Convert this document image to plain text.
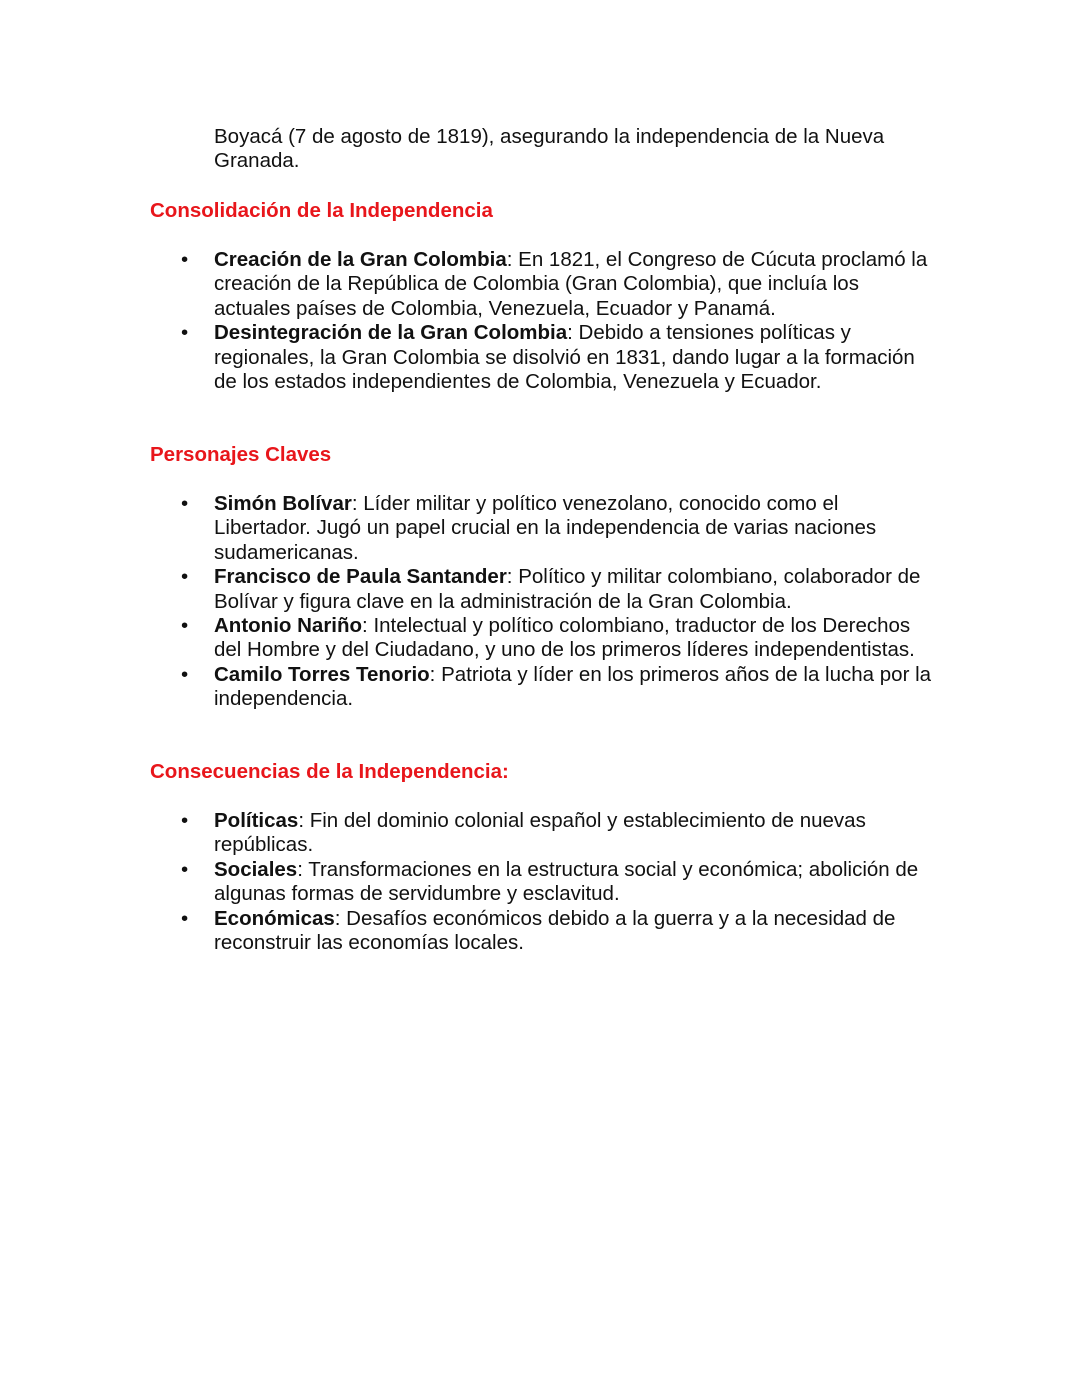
Boyacá (7 de agosto de 1819), asegurando la independencia de la Nueva Granada.

Consolidación de la Independencia
• Creación de la Gran Colombia: En 1821, el Congreso de Cúcuta proclamó la creación de la República de Colombia (Gran Colombia), que incluía los actuales países de Colombia, Venezuela, Ecuador y Panamá.
• Desintegración de la Gran Colombia: Debido a tensiones políticas y regionales, la Gran Colombia se disolvió en 1831, dando lugar a la formación de los estados independientes de Colombia, Venezuela y Ecuador.
Personajes Claves
• Simón Bolívar: Líder militar y político venezolano, conocido como el Libertador. Jugó un papel crucial en la independencia de varias naciones sudamericanas.
• Francisco de Paula Santander: Político y militar colombiano, colaborador de Bolívar y figura clave en la administración de la Gran Colombia.
• Antonio Nariño: Intelectual y político colombiano, traductor de los Derechos del Hombre y del Ciudadano, y uno de los primeros líderes independentistas.
• Camilo Torres Tenorio: Patriota y líder en los primeros años de la lucha por la independencia.
Consecuencias de la Independencia:
• Políticas: Fin del dominio colonial español y establecimiento de nuevas repúblicas.
• Sociales: Transformaciones en la estructura social y económica; abolición de algunas formas de servidumbre y esclavitud.
• Económicas: Desafíos económicos debido a la guerra y a la necesidad de reconstruir las economías locales.
